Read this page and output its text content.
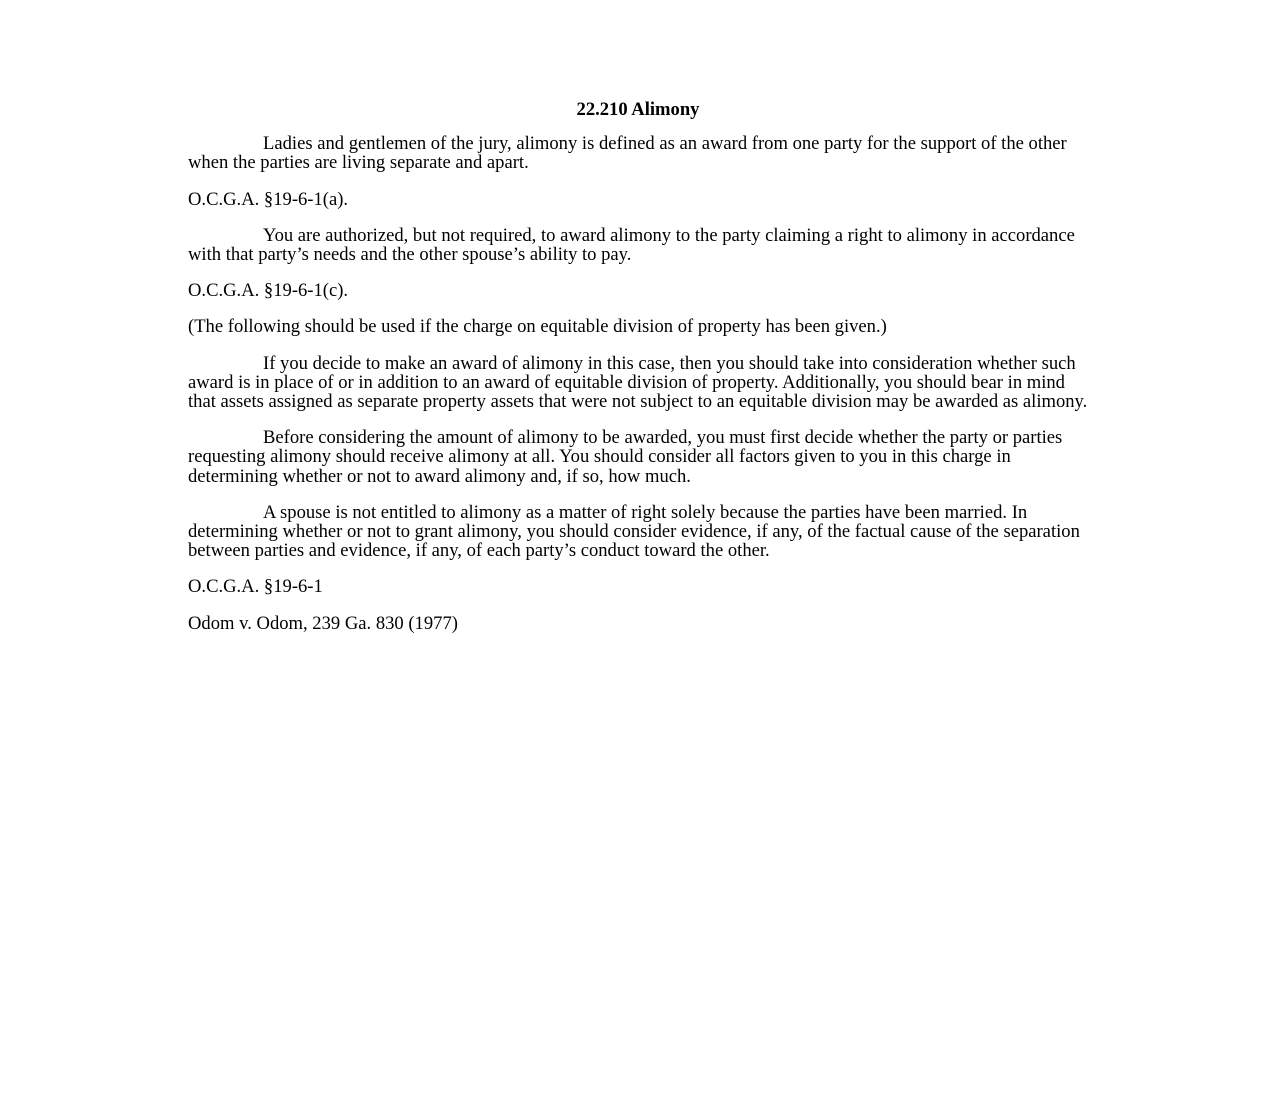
22.210 Alimony

Ladies and gentlemen of the jury, alimony is defined as an award from one party for the support of the other when the parties are living separate and apart.

O.C.G.A. §19-6-1(a).

You are authorized, but not required, to award alimony to the party claiming a right to alimony in accordance with that party’s needs and the other spouse’s ability to pay.

O.C.G.A. §19-6-1(c).

(The following should be used if the charge on equitable division of property has been given.)

If you decide to make an award of alimony in this case, then you should take into consideration whether such award is in place of or in addition to an award of equitable division of property. Additionally, you should bear in mind that assets assigned as separate property assets that were not subject to an equitable division may be awarded as alimony.

Before considering the amount of alimony to be awarded, you must first decide whether the party or parties requesting alimony should receive alimony at all. You should consider all factors given to you in this charge in determining whether or not to award alimony and, if so, how much.

A spouse is not entitled to alimony as a matter of right solely because the parties have been married. In determining whether or not to grant alimony, you should consider evidence, if any, of the factual cause of the separation between parties and evidence, if any, of each party’s conduct toward the other.

O.C.G.A. §19-6-1

Odom v. Odom, 239 Ga. 830 (1977)
